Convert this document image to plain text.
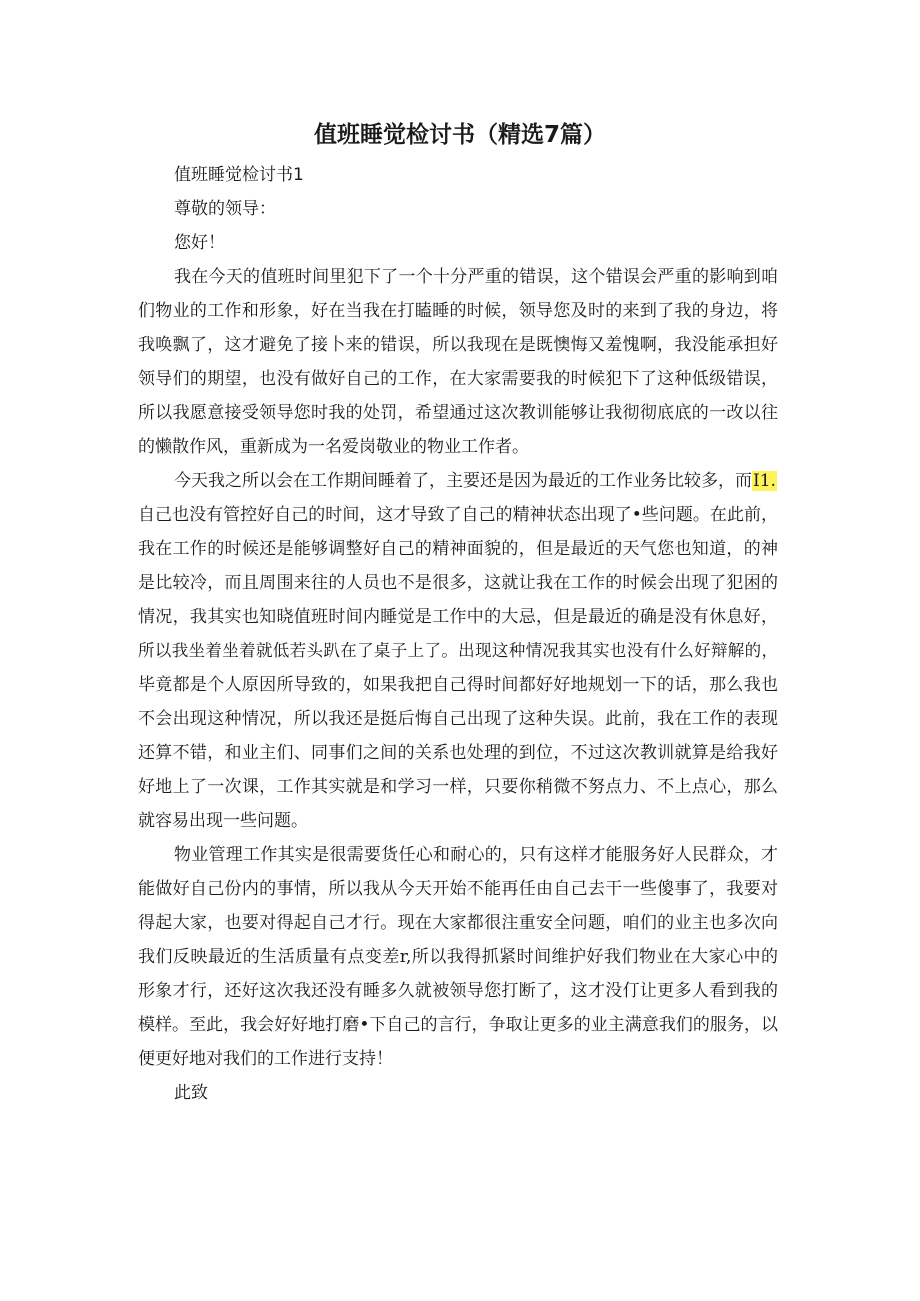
值班睡觉检讨书（精选7篇）

值班睡觉检讨书1

尊敬的领导：

您好！

我在今天的值班时间里犯下了一个十分严重的错误，这个错误会严重的影响到咱

们物业的工作和形象，好在当我在打瞌睡的时候，领导您及时的来到了我的身边，将

我唤飘了，这才避免了接卜来的错误，所以我现在是既懊悔又羞愧啊，我没能承担好

领导们的期望，也没有做好自己的工作，在大家需要我的时候犯下了这种低级错误，

所以我愿意接受领导您时我的处罚，希望通过这次教训能够让我彻彻底底的一改以往

的懒散作风，重新成为一名爱岗敬业的物业工作者。

今天我之所以会在工作期间睡着了，主要还是因为最近的工作业务比较多，而I1.

自己也没有管控好自己的时间，这才导致了自己的精神状态出现了•些问题。在此前，

我在工作的时候还是能够调整好自己的精神面貌的，但是最近的天气您也知道，的神

是比较冷，而且周围来往的人员也不是很多，这就让我在工作的时候会出现了犯困的

情况，我其实也知晓值班时间内睡觉是工作中的大忌，但是最近的确是没有休息好，

所以我坐着坐着就低若头趴在了桌子上了。出现这种情况我其实也没有什么好辩解的，

毕竟都是个人原因所导致的，如果我把自己得时间都好好地规划一下的话，那么我也

不会出现这种情况，所以我还是挺后悔自己出现了这种失误。此前，我在工作的表现

还算不错，和业主们、同事们之间的关系也处理的到位，不过这次教训就算是给我好

好地上了一次课，工作其实就是和学习一样，只要你稍微不努点力、不上点心，那么

就容易出现一些问题。

物业管理工作其实是很需要货任心和耐心的，只有这样才能服务好人民群众，才

能做好自己份内的事情，所以我从今天开始不能再任由自己去干一些傻事了，我要对

得起大家，也要对得起自己才行。现在大家都很注重安全问题，咱们的业主也多次向

我们反映最近的生活质量有点变差r,所以我得抓紧时间维护好我们物业在大家心中的

形象才行，还好这次我还没有睡多久就被领导您打断了，这才没仃让更多人看到我的

模样。至此，我会好好地打磨•下自己的言行，争取让更多的业主满意我们的服务，以

便更好地对我们的工作进行支持！

此致
